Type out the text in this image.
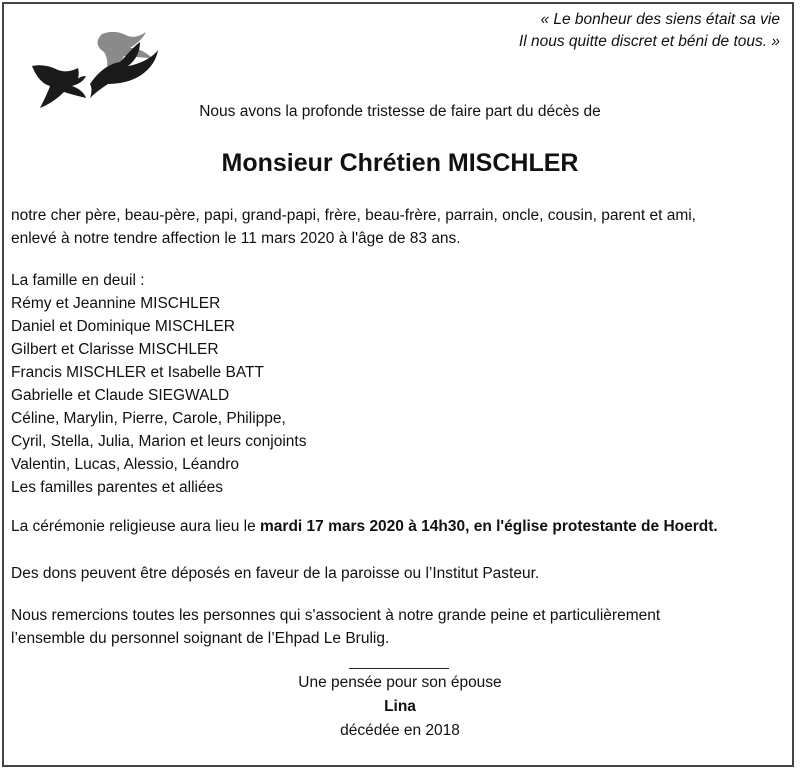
« Le bonheur des siens était sa vie
Il nous quitte discret et béni de tous. »
Nous avons la profonde tristesse de faire part du décès de
Monsieur Chrétien MISCHLER
notre cher père, beau-père, papi, grand-papi, frère, beau-frère, parrain, oncle, cousin, parent et ami,
enlevé à notre tendre affection le 11 mars 2020 à l'âge de 83 ans.
La famille en deuil :
Rémy et Jeannine MISCHLER
Daniel et Dominique MISCHLER
Gilbert et Clarisse MISCHLER
Francis MISCHLER et Isabelle BATT
Gabrielle et Claude SIEGWALD
Céline, Marylin, Pierre, Carole, Philippe,
Cyril, Stella, Julia, Marion et leurs conjoints
Valentin, Lucas, Alessio, Léandro
Les familles parentes et alliées
La cérémonie religieuse aura lieu le mardi 17 mars 2020 à 14h30, en l'église protestante de Hoerdt.
Des dons peuvent être déposés en faveur de la paroisse ou l’Institut Pasteur.
Nous remercions toutes les personnes qui s'associent à notre grande peine et particulièrement
l’ensemble du personnel soignant de l’Ehpad Le Brulig.
Une pensée pour son épouse
Lina
décédée en 2018
